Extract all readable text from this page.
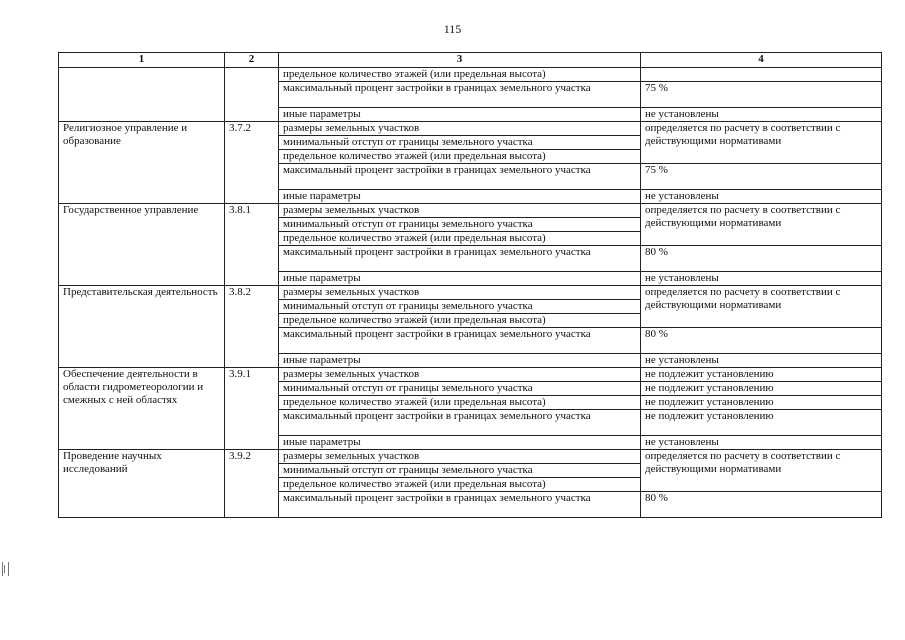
115
1	2	3	4
		предельное количество этажей (или предельная высота)	
		максимальный процент застройки в границах земельного участка	75 %
		иные параметры	не установлены
Религиозное управление и образование	3.7.2	размеры земельных участков	определяется по расчету в соответствии с действующими нормативами
		минимальный отступ от границы земельного участка	
		предельное количество этажей (или предельная высота)	
		максимальный процент застройки в границах земельного участка	75 %
		иные параметры	не установлены
Государственное управление	3.8.1	размеры земельных участков	определяется по расчету в соответствии с действующими нормативами
		минимальный отступ от границы земельного участка	
		предельное количество этажей (или предельная высота)	
		максимальный процент застройки в границах земельного участка	80 %
		иные параметры	не установлены
Представительская деятельность	3.8.2	размеры земельных участков	определяется по расчету в соответствии с действующими нормативами
		минимальный отступ от границы земельного участка	
		предельное количество этажей (или предельная высота)	
		максимальный процент застройки в границах земельного участка	80 %
		иные параметры	не установлены
Обеспечение деятельности в области гидрометеорологии и смежных с ней областях	3.9.1	размеры земельных участков	не подлежит установлению
		минимальный отступ от границы земельного участка	не подлежит установлению
		предельное количество этажей (или предельная высота)	не подлежит установлению
		максимальный процент застройки в границах земельного участка	не подлежит установлению
		иные параметры	не установлены
Проведение научных исследований	3.9.2	размеры земельных участков	определяется по расчету в соответствии с действующими нормативами
		минимальный отступ от границы земельного участка	
		предельное количество этажей (или предельная высота)	
		максимальный процент застройки в границах земельного участка	80 %
